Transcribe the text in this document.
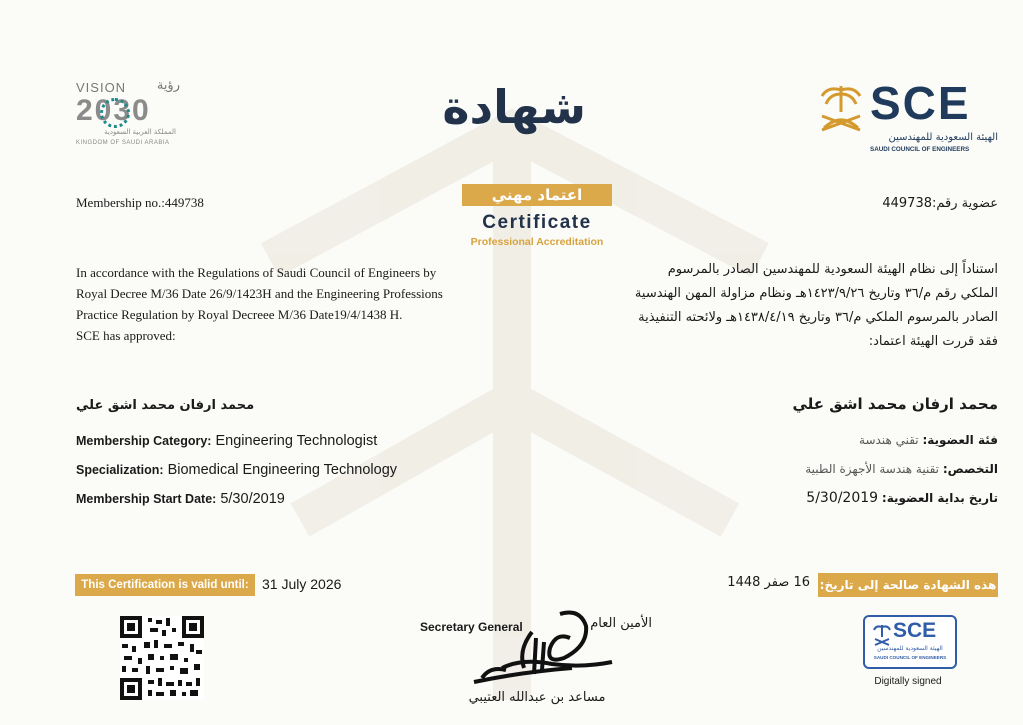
VISION	رؤية
2030
المملكة العربية السعودية
KINGDOM OF SAUDI ARABIA
SCE
الهيئة السعودية للمهندسين
SAUDI COUNCIL OF ENGINEERS
شهادة
اعتماد مهني
Certificate
Professional Accreditation
Membership no.:449738	عضوية رقم:449738
In accordance with the Regulations of Saudi Council of Engineers by
Royal Decree M/36 Date 26/9/1423H and the Engineering Professions
Practice Regulation by Royal Decreee M/36 Date19/4/1438 H.
SCE has approved:
استناداً إلى نظام الهيئة السعودية للمهندسين الصادر بالمرسوم
الملكي رقم م/٣٦ وتاريخ ١٤٢٣/٩/٢٦هـ ونظام مزاولة المهن الهندسية
الصادر بالمرسوم الملكي م/٣٦ وتاريخ ١٤٣٨/٤/١٩هـ ولائحته التنفيذية
فقد قررت الهيئة اعتماد:
محمد ارفان محمد اشق علي	محمد ارفان محمد اشق علي
Membership Category: Engineering Technologist
Specialization: Biomedical Engineering Technology
Membership Start Date: 5/30/2019
فئة العضوية: تقني هندسة
التخصص: تقنية هندسة الأجهزة الطبية
تاريخ بداية العضوية: 5/30/2019
This Certification is valid until: 31 July 2026	16 صفر 1448 هذه الشهادة صالحة إلى تاريخ:
Secretary General	الأمين العام
مساعد بن عبدالله العتيبي
SCE
الهيئة السعودية للمهندسين
SAUDI COUNCIL OF ENGINEERS
Digitally signed
